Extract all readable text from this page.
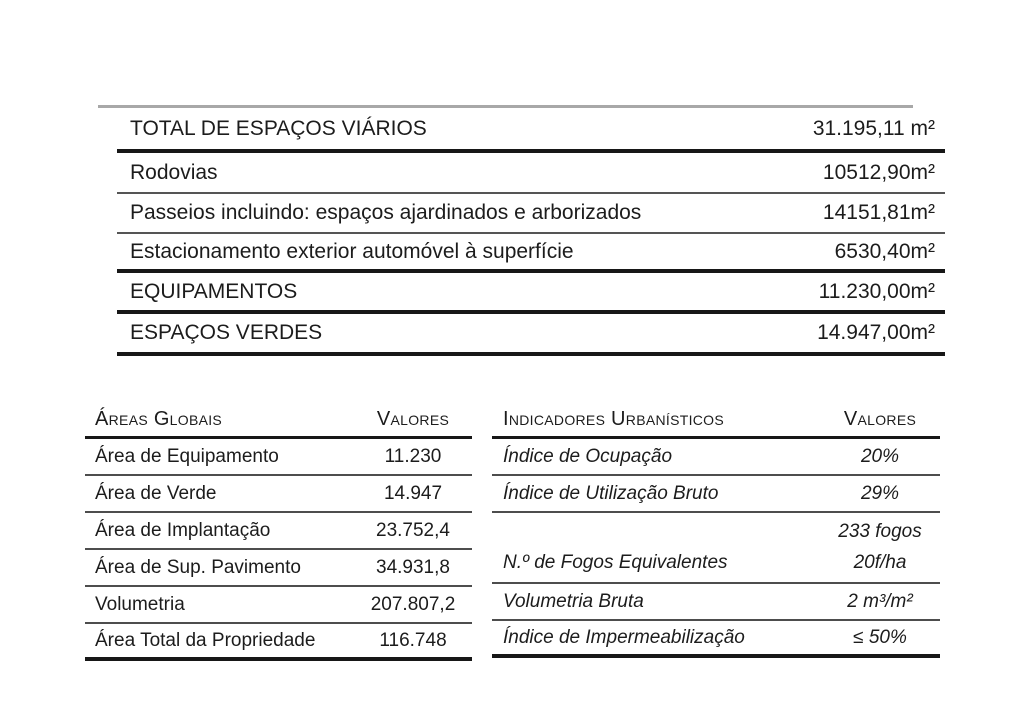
TOTAL DE ESPAÇOS VIÁRIOS	31.195,11 m²
Rodovias	10512,90m²
Passeios incluindo: espaços ajardinados e arborizados	14151,81m²
Estacionamento exterior automóvel à superfície	6530,40m²
EQUIPAMENTOS	11.230,00m²
ESPAÇOS VERDES	14.947,00m²
Áreas Globais	Valores
Área de Equipamento	11.230
Área de Verde	14.947
Área de Implantação	23.752,4
Área de Sup. Pavimento	34.931,8
Volumetria	207.807,2
Área Total da Propriedade	116.748
Indicadores Urbanísticos	Valores
Índice de Ocupação	20%
Índice de Utilização Bruto	29%
233 fogos
N.º de Fogos Equivalentes	20f/ha
Volumetria Bruta	2 m³/m²
Índice de Impermeabilização	≤ 50%
